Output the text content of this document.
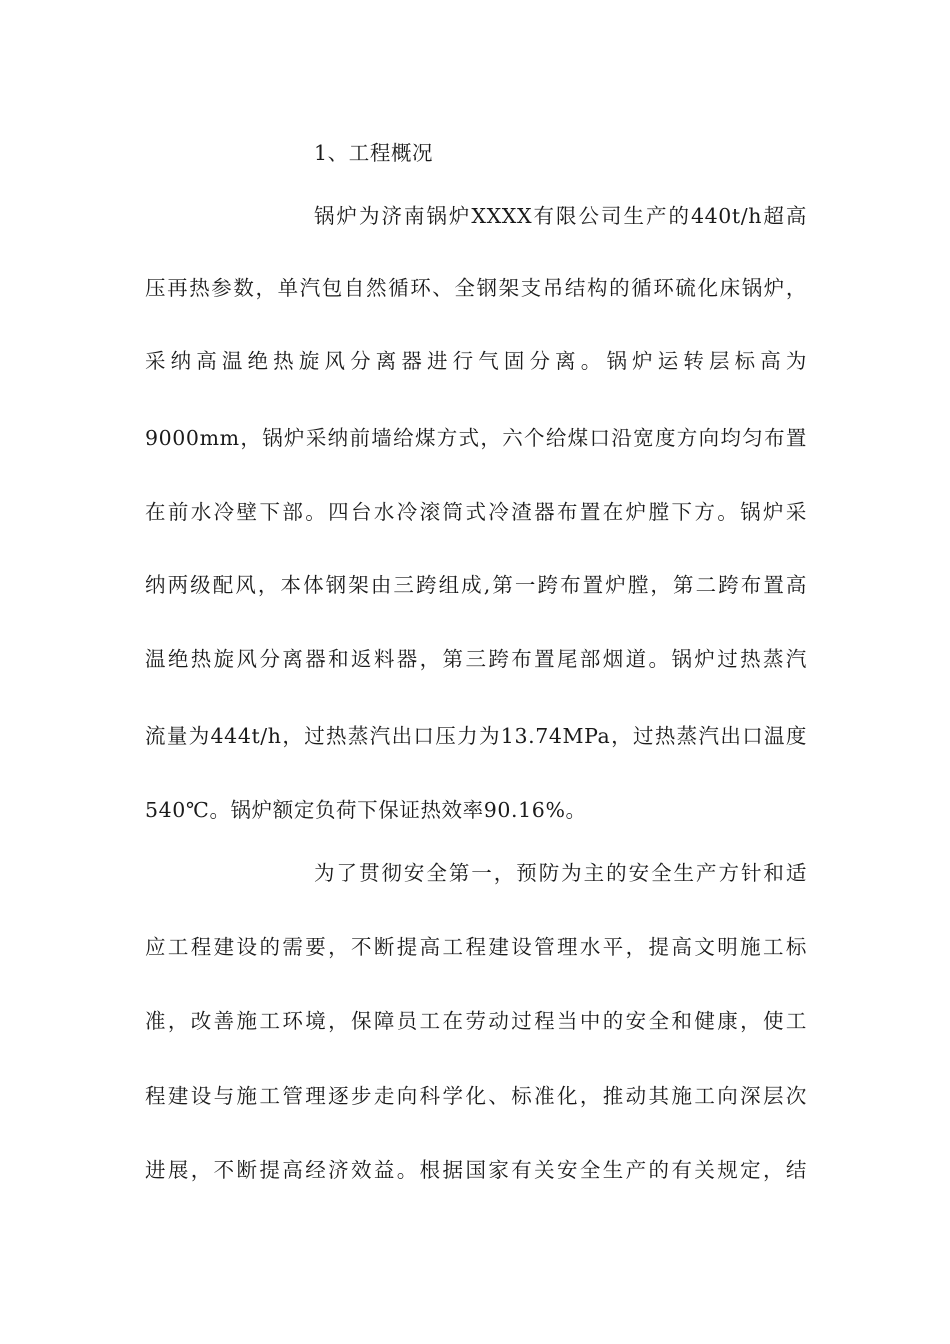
1、工程概况
锅炉为济南锅炉XXXX有限公司生产的440t/h超高
压再热参数，单汽包自然循环、全钢架支吊结构的循环硫化床锅炉，
采纳高温绝热旋风分离器进行气固分离。锅炉运转层标高为
9000mm，锅炉采纳前墙给煤方式，六个给煤口沿宽度方向均匀布置
在前水冷壁下部。四台水冷滚筒式冷渣器布置在炉膛下方。锅炉采
纳两级配风，本体钢架由三跨组成,第一跨布置炉膛，第二跨布置高
温绝热旋风分离器和返料器，第三跨布置尾部烟道。锅炉过热蒸汽
流量为444t/h，过热蒸汽出口压力为13.74MPa，过热蒸汽出口温度
540℃。锅炉额定负荷下保证热效率90.16%。
为了贯彻安全第一，预防为主的安全生产方针和适
应工程建设的需要，不断提高工程建设管理水平，提高文明施工标
准，改善施工环境，保障员工在劳动过程当中的安全和健康，使工
程建设与施工管理逐步走向科学化、标准化，推动其施工向深层次
进展，不断提高经济效益。根据国家有关安全生产的有关规定，结
